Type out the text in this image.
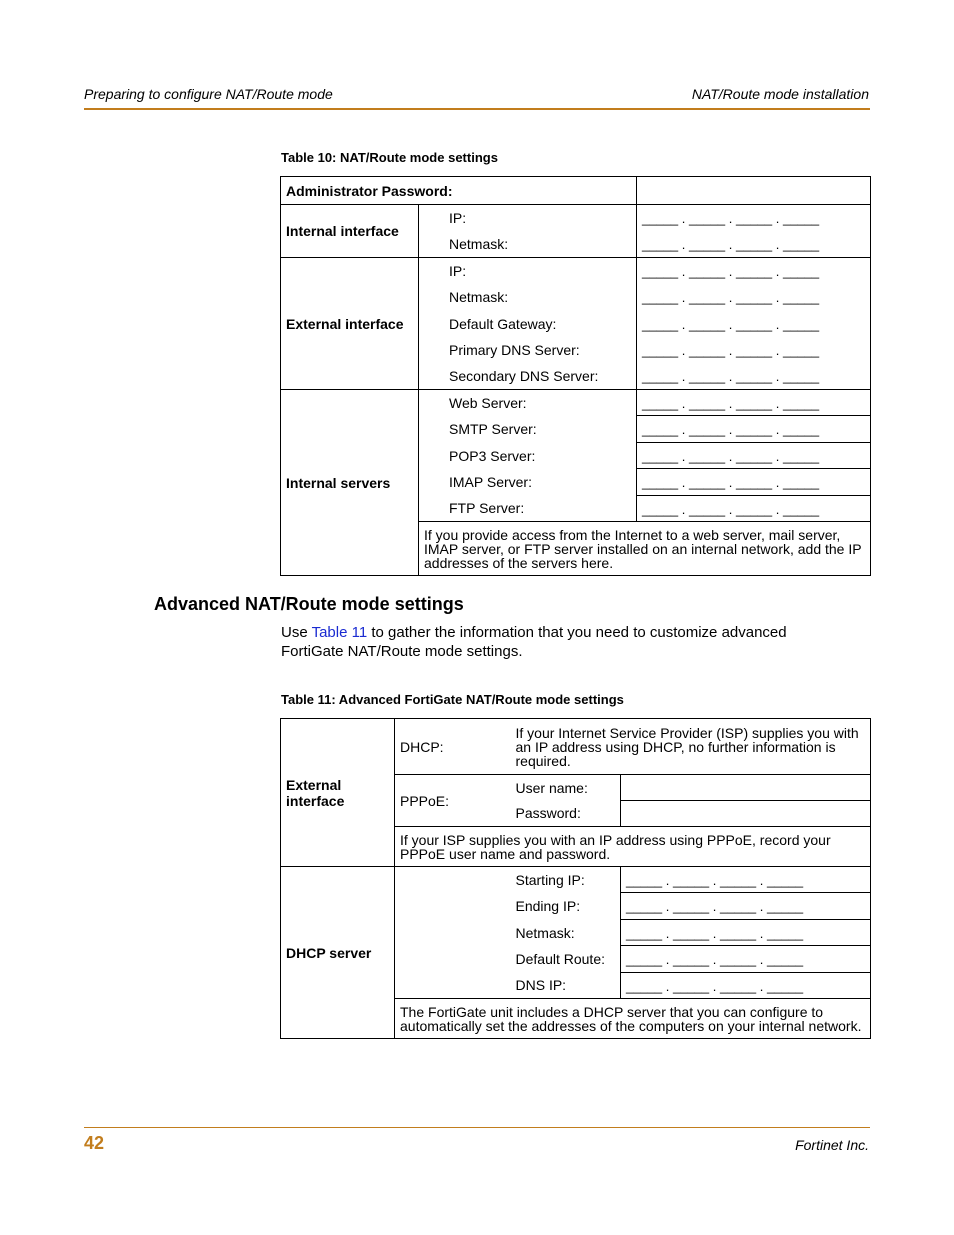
Preparing to configure NAT/Route mode	NAT/Route mode installation
Table 10: NAT/Route mode settings
Administrator Password:		
Internal interface	IP:	_____ . _____ . _____ . _____
	Netmask:	_____ . _____ . _____ . _____
External interface	IP:	_____ . _____ . _____ . _____
	Netmask:	_____ . _____ . _____ . _____
	Default Gateway:	_____ . _____ . _____ . _____
	Primary DNS Server:	_____ . _____ . _____ . _____
	Secondary DNS Server:	_____ . _____ . _____ . _____
Internal servers	Web Server:	_____ . _____ . _____ . _____
	SMTP Server:	_____ . _____ . _____ . _____
	POP3 Server:	_____ . _____ . _____ . _____
	IMAP Server:	_____ . _____ . _____ . _____
	FTP Server:	_____ . _____ . _____ . _____
	If you provide access from the Internet to a web server, mail server, IMAP server, or FTP server installed on an internal network, add the IP addresses of the servers here.	
Advanced NAT/Route mode settings
Use Table 11 to gather the information that you need to customize advanced FortiGate NAT/Route mode settings.
Table 11: Advanced FortiGate NAT/Route mode settings
External interface	DHCP:	If your Internet Service Provider (ISP) supplies you with an IP address using DHCP, no further information is required.	
	PPPoE:	User name:	
		Password:	
	If your ISP supplies you with an IP address using PPPoE, record your PPPoE user name and password.		
DHCP server		Starting IP:	_____ . _____ . _____ . _____
		Ending IP:	_____ . _____ . _____ . _____
		Netmask:	_____ . _____ . _____ . _____
		Default Route:	_____ . _____ . _____ . _____
		DNS IP:	_____ . _____ . _____ . _____
	The FortiGate unit includes a DHCP server that you can configure to automatically set the addresses of the computers on your internal network.		
42	Fortinet Inc.
